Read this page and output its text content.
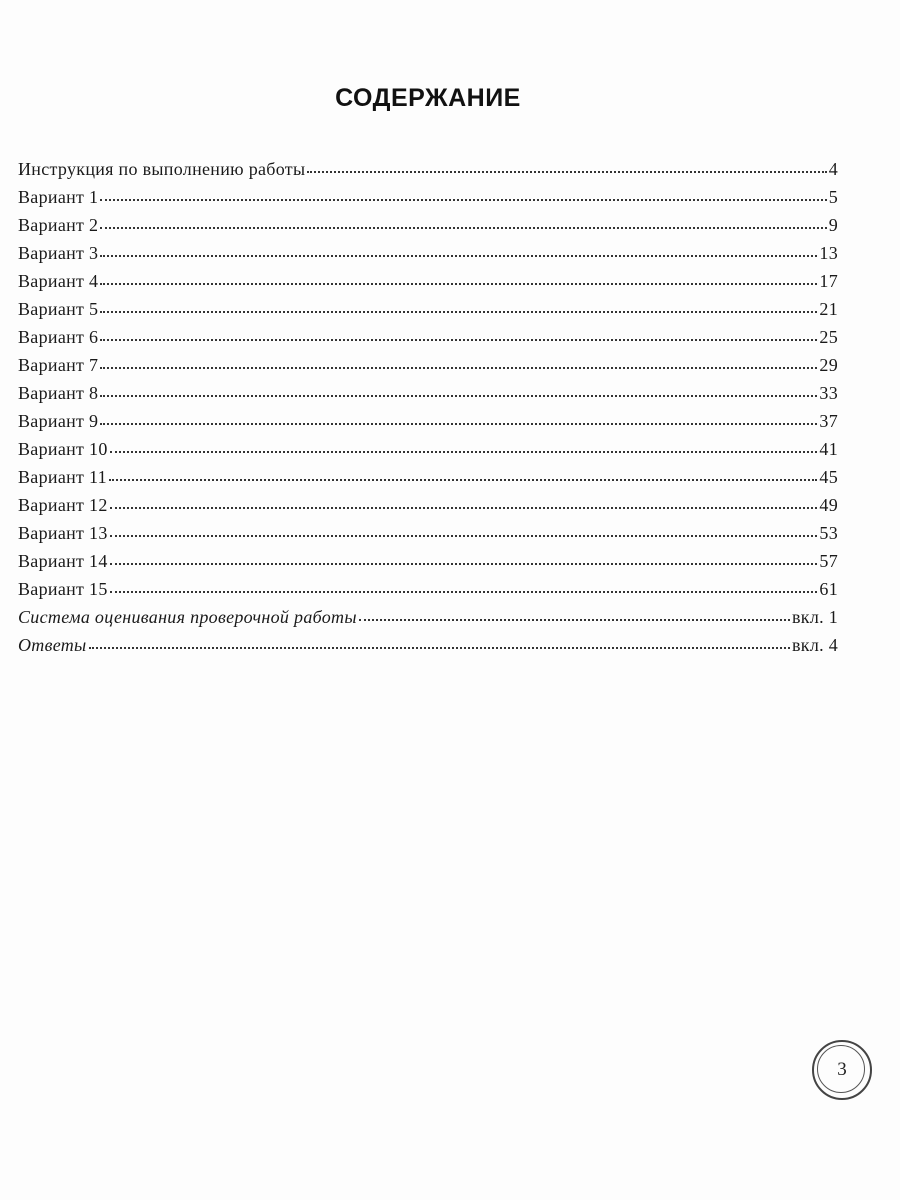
СОДЕРЖАНИЕ
Инструкция по выполнению работы	4
Вариант 1	5
Вариант 2	9
Вариант 3	13
Вариант 4	17
Вариант 5	21
Вариант 6	25
Вариант 7	29
Вариант 8	33
Вариант 9	37
Вариант 10	41
Вариант 11	45
Вариант 12	49
Вариант 13	53
Вариант 14	57
Вариант 15	61
Система оценивания проверочной работы	вкл. 1
Ответы	вкл. 4
3
